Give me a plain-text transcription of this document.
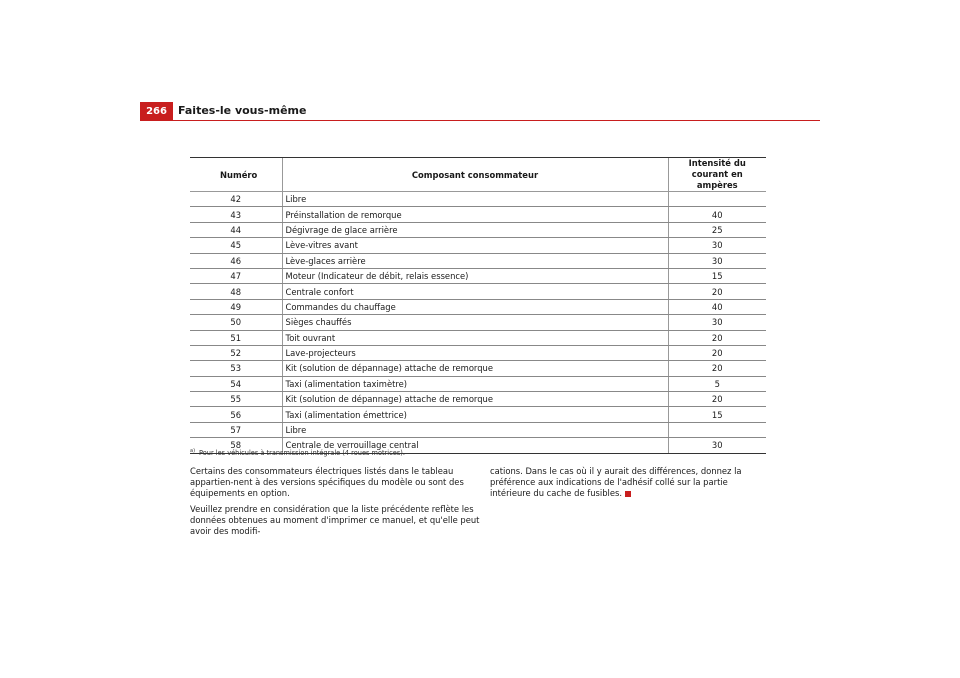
266	Faites-le vous-même
Numéro	Composant consommateur	Intensité du courant en
ampères
42	Libre	
43	Préinstallation de remorque	40
44	Dégivrage de glace arrière	25
45	Lève-vitres avant	30
46	Lève-glaces arrière	30
47	Moteur (Indicateur de débit, relais essence)	15
48	Centrale confort	20
49	Commandes du chauffage	40
50	Sièges chauffés	30
51	Toit ouvrant	20
52	Lave-projecteurs	20
53	Kit (solution de dépannage) attache de remorque	20
54	Taxi (alimentation taximètre)	5
55	Kit (solution de dépannage) attache de remorque	20
56	Taxi (alimentation émettrice)	15
57	Libre	
58	Centrale de verrouillage central	30
$^{a)}$ Pour les véhicules à transmission intégrale (4 roues motrices).

Certains des consommateurs électriques listés dans le tableau appartien-nent à des versions spécifiques du modèle ou sont des équipements en option.

Veuillez prendre en considération que la liste précédente reflète les données obtenues au moment d'imprimer ce manuel, et qu'elle peut avoir des modifi-

cations. Dans le cas où il y aurait des différences, donnez la préférence aux indications de l'adhésif collé sur la partie intérieure du cache de fusibles.
